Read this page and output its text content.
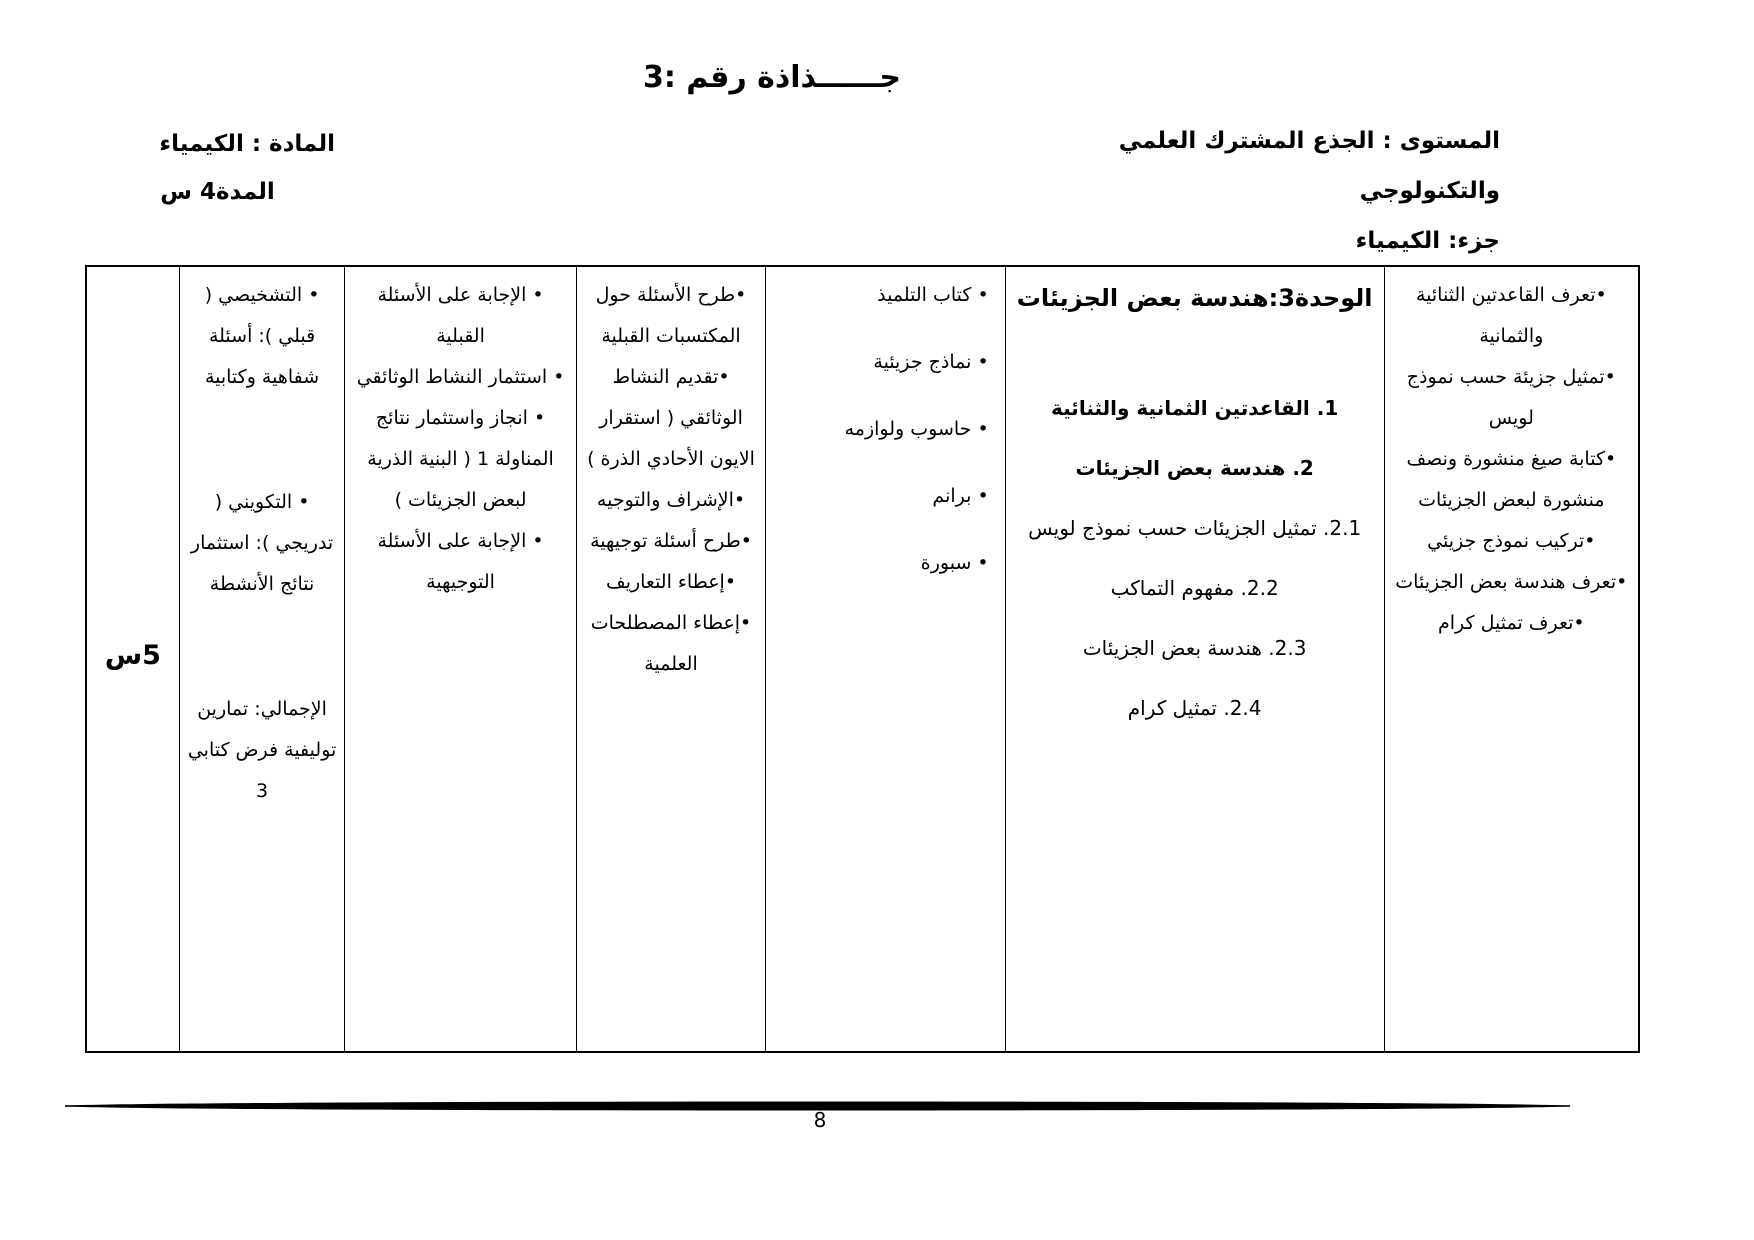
جــــــذاذة رقم :3
المستوى : الجذع المشترك العلمي والتكنولوجي
جزء: الكيمياء
المادة : الكيمياء
المدة4 س
•تعرف القاعدتين الثنائية والثمانية
•تمثيل جزيئة حسب نموذج لويس
•كتابة صيغ منشورة ونصف منشورة لبعض الجزيئات
•تركيب نموذج جزيئي
•تعرف هندسة بعض الجزيئات
•تعرف تمثيل كرام
الوحدة3:هندسة بعض الجزيئات
1. القاعدتين الثمانية والثنائية
2. هندسة بعض الجزيئات
2.1. تمثيل الجزيئات حسب نموذج لويس
2.2. مفهوم التماكب
2.3. هندسة بعض الجزيئات
2.4. تمثيل كرام
• كتاب التلميذ
• نماذج جزيئية
• حاسوب ولوازمه
• برانم
• سبورة
•طرح الأسئلة حول المكتسبات القبلية
•تقديم النشاط الوثائقي ( استقرار الايون الأحادي الذرة )
•الإشراف والتوجيه
•طرح أسئلة توجيهية
•إعطاء التعاريف
•إعطاء المصطلحات العلمية
• الإجابة على الأسئلة القبلية
• استثمار النشاط الوثائقي
• انجاز واستثمار نتائج المناولة 1 ( البنية الذرية لبعض الجزيئات )
• الإجابة على الأسئلة التوجيهية
• التشخيصي ( قبلي ): أسئلة شفاهية وكتابية
• التكويني ( تدريجي ): استثمار نتائج الأنشطة
الإجمالي: تمارين توليفية فرض كتابي 3
5س
8
